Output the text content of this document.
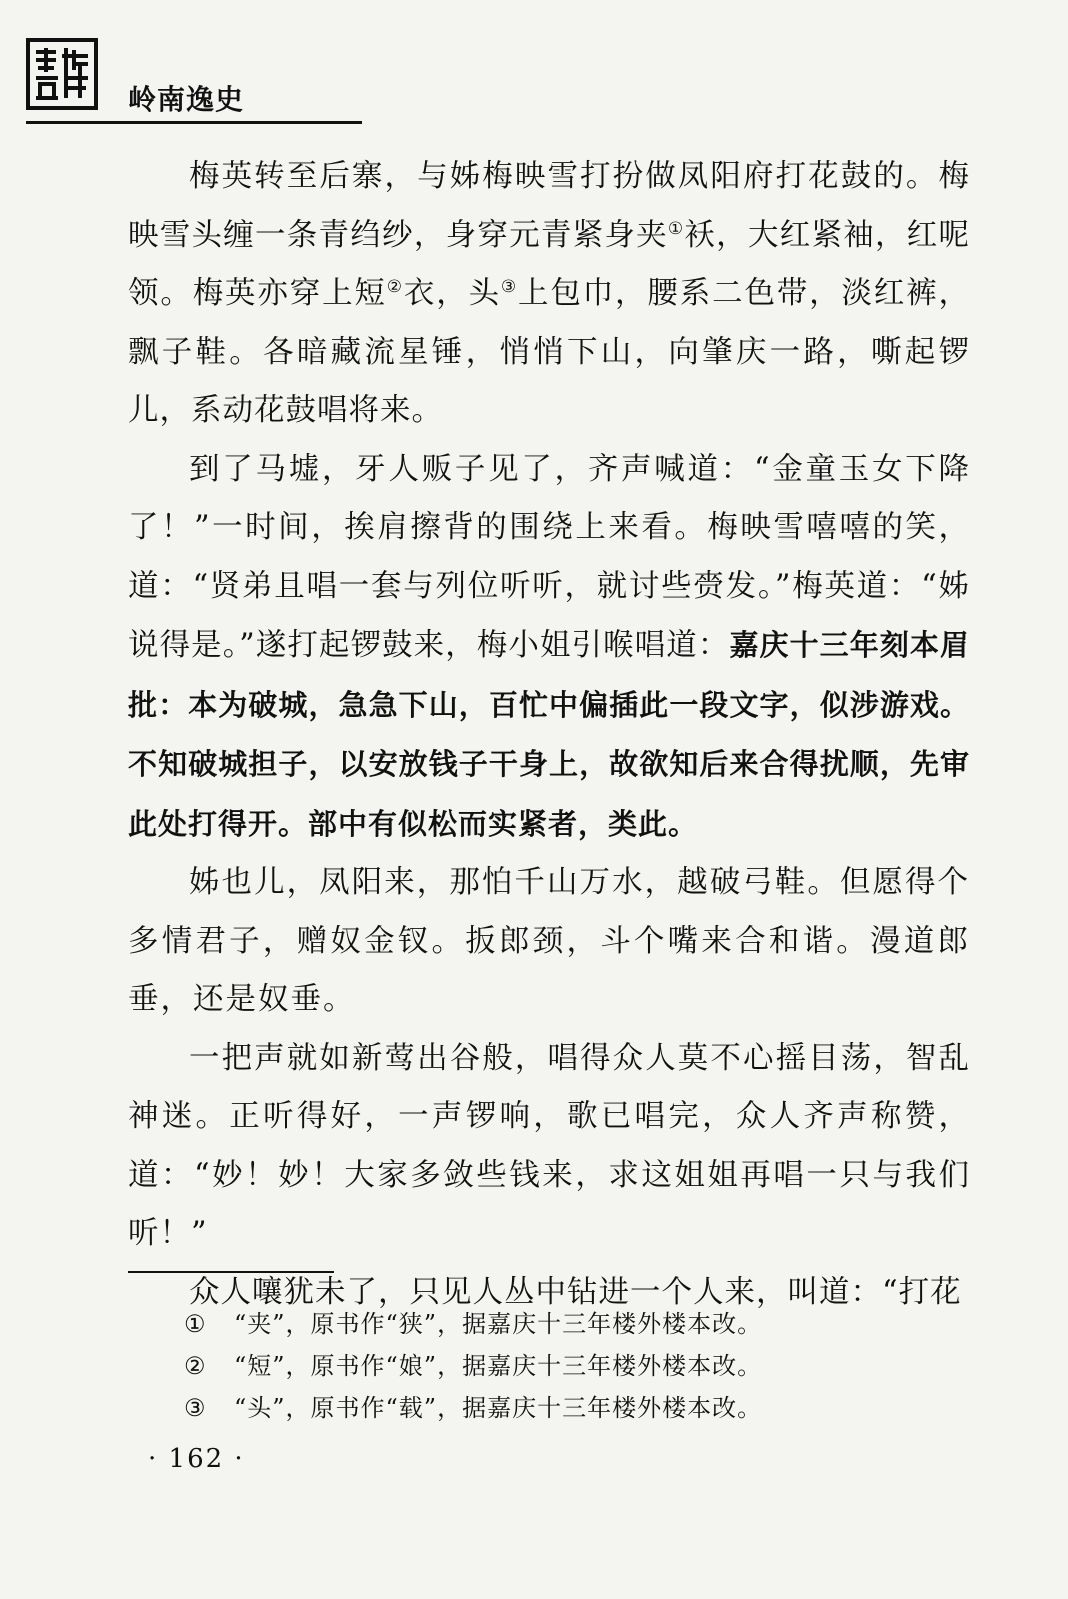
岭南逸史

梅英转至后寨，与姊梅映雪打扮做凤阳府打花鼓的。梅映雪头缠一条青绉纱，身穿元青紧身夹①袄，大红紧袖，红呢领。梅英亦穿上短②衣，头③上包巾，腰系二色带，淡红裤，飘子鞋。各暗藏流星锤，悄悄下山，向肇庆一路，嘶起锣儿，系动花鼓唱将来。

到了马墟，牙人贩子见了，齐声喊道：“金童玉女下降了！”一时间，挨肩擦背的围绕上来看。梅映雪嘻嘻的笑，道：“贤弟且唱一套与列位听听，就讨些赍发。”梅英道：“姊说得是。”遂打起锣鼓来，梅小姐引喉唱道：嘉庆十三年刻本眉批：本为破城，急急下山，百忙中偏插此一段文字，似涉游戏。不知破城担子，以安放钱子干身上，故欲知后来合得扰顺，先审此处打得开。部中有似松而实紧者，类此。

姊也儿，凤阳来，那怕千山万水，越破弓鞋。但愿得个多情君子，赠奴金钗。扳郎颈，斗个嘴来合和谐。漫道郎垂，还是奴垂。

一把声就如新莺出谷般，唱得众人莫不心摇目荡，智乱神迷。正听得好，一声锣响，歌已唱完，众人齐声称赞，道：“妙！妙！大家多敛些钱来，求这姐姐再唱一只与我们听！”

众人嚷犹未了，只见人丛中钻进一个人来，叫道：“打花

①	“夹”，原书作“狭”，据嘉庆十三年楼外楼本改。
②	“短”，原书作“娘”，据嘉庆十三年楼外楼本改。
③	“头”，原书作“载”，据嘉庆十三年楼外楼本改。
· 162 ·
